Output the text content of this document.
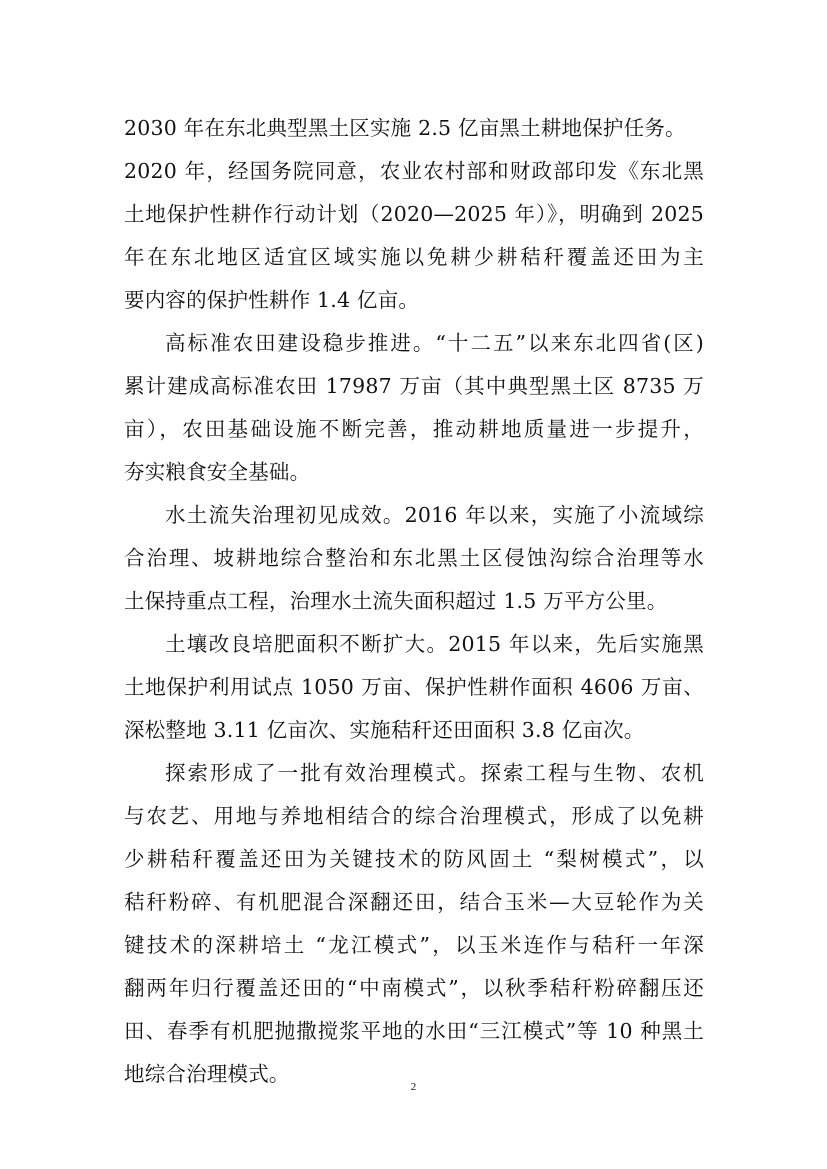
2030 年在东北典型黑土区实施 2.5 亿亩黑土耕地保护任务。
2020 年，经国务院同意，农业农村部和财政部印发《东北黑
土地保护性耕作行动计划（2020—2025 年）》，明确到 2025
年在东北地区适宜区域实施以免耕少耕秸秆覆盖还田为主
要内容的保护性耕作 1.4 亿亩。
高标准农田建设稳步推进。“十二五”以来东北四省(区)
累计建成高标准农田 17987 万亩（其中典型黑土区 8735 万
亩），农田基础设施不断完善，推动耕地质量进一步提升，
夯实粮食安全基础。
水土流失治理初见成效。2016 年以来，实施了小流域综
合治理、坡耕地综合整治和东北黑土区侵蚀沟综合治理等水
土保持重点工程，治理水土流失面积超过 1.5 万平方公里。
土壤改良培肥面积不断扩大。2015 年以来，先后实施黑
土地保护利用试点 1050 万亩、保护性耕作面积 4606 万亩、
深松整地 3.11 亿亩次、实施秸秆还田面积 3.8 亿亩次。
探索形成了一批有效治理模式。探索工程与生物、农机
与农艺、用地与养地相结合的综合治理模式，形成了以免耕
少耕秸秆覆盖还田为关键技术的防风固土 “梨树模式”，以
秸秆粉碎、有机肥混合深翻还田，结合玉米—大豆轮作为关
键技术的深耕培土 “龙江模式”，以玉米连作与秸秆一年深
翻两年归行覆盖还田的“中南模式”，以秋季秸秆粉碎翻压还
田、春季有机肥抛撒搅浆平地的水田“三江模式”等 10 种黑土
地综合治理模式。
2
